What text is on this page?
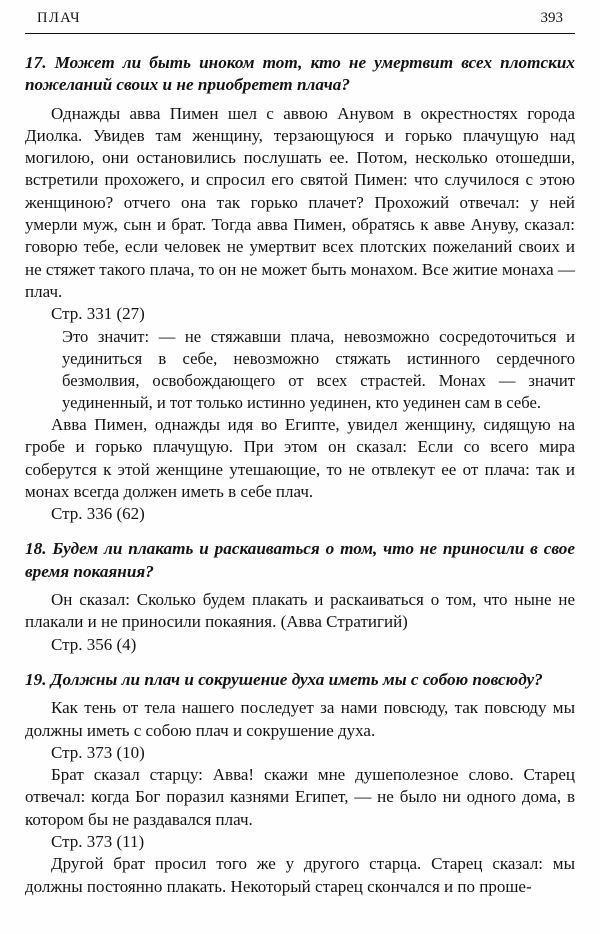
ПЛАЧ	393

17. Может ли быть иноком тот, кто не умертвит всех плотских пожеланий своих и не приобретет плача?

Однажды авва Пимен шел с аввою Анувом в окрестностях города Диолка. Увидев там женщину, терзающуюся и горько плачущую над могилою, они остановились послушать ее. Потом, несколько отошедши, встретили прохожего, и спросил его святой Пимен: что случилося с этою женщиною? отчего она так горько плачет? Прохожий отвечал: у ней умерли муж, сын и брат. Тогда авва Пимен, обратясь к авве Ануву, сказал: говорю тебе, если человек не умертвит всех плотских пожеланий своих и не стяжет такого плача, то он не может быть монахом. Все житие монаха — плач.

Стр. 331 (27)

Это значит: — не стяжавши плача, невозможно сосредоточиться и уединиться в себе, невозможно стяжать истинного сердечного безмолвия, освобождающего от всех страстей. Монах — значит уединенный, и тот только истинно уединен, кто уединен сам в себе.

Авва Пимен, однажды идя во Египте, увидел женщину, сидящую на гробе и горько плачущую. При этом он сказал: Если со всего мира соберутся к этой женщине утешающие, то не отвлекут ее от плача: так и монах всегда должен иметь в себе плач.

Стр. 336 (62)

18. Будем ли плакать и раскаиваться о том, что не приносили в свое время покаяния?

Он сказал: Сколько будем плакать и раскаиваться о том, что ныне не плакали и не приносили покаяния. (Авва Стратигий)

Стр. 356 (4)

19. Должны ли плач и сокрушение духа иметь мы с собою повсюду?

Как тень от тела нашего последует за нами повсюду, так повсюду мы должны иметь с собою плач и сокрушение духа.

Стр. 373 (10)

Брат сказал старцу: Авва! скажи мне душеполезное слово. Старец отвечал: когда Бог поразил казнями Египет, — не было ни одного дома, в котором бы не раздавался плач.

Стр. 373 (11)

Другой брат просил того же у другого старца. Старец сказал: мы должны постоянно плакать. Некоторый старец скончался и по проше-
